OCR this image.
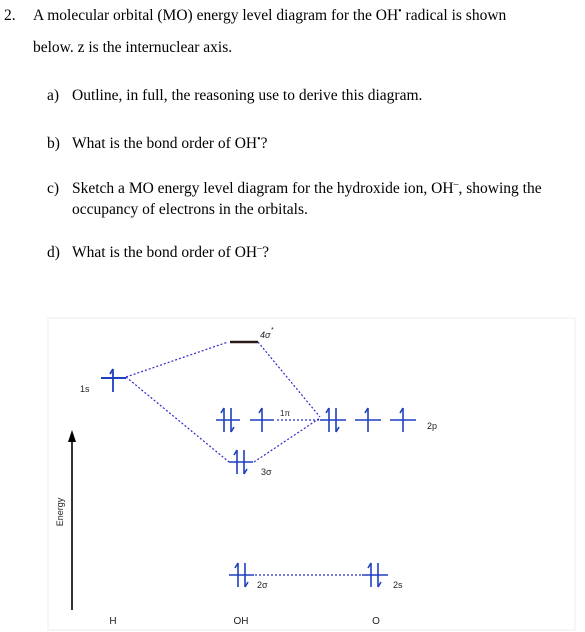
2. A molecular orbital (MO) energy level diagram for the OH• radical is shown
below. z is the internuclear axis.
a) Outline, in full, the reasoning use to derive this diagram.
b) What is the bond order of OH•?
c) Sketch a MO energy level diagram for the hydroxide ion, OH–, showing the
occupancy of electrons in the orbitals.
d) What is the bond order of OH–?
Energy
1s
4σ *
1π
3σ
2p
2σ	2s
H	OH	O
